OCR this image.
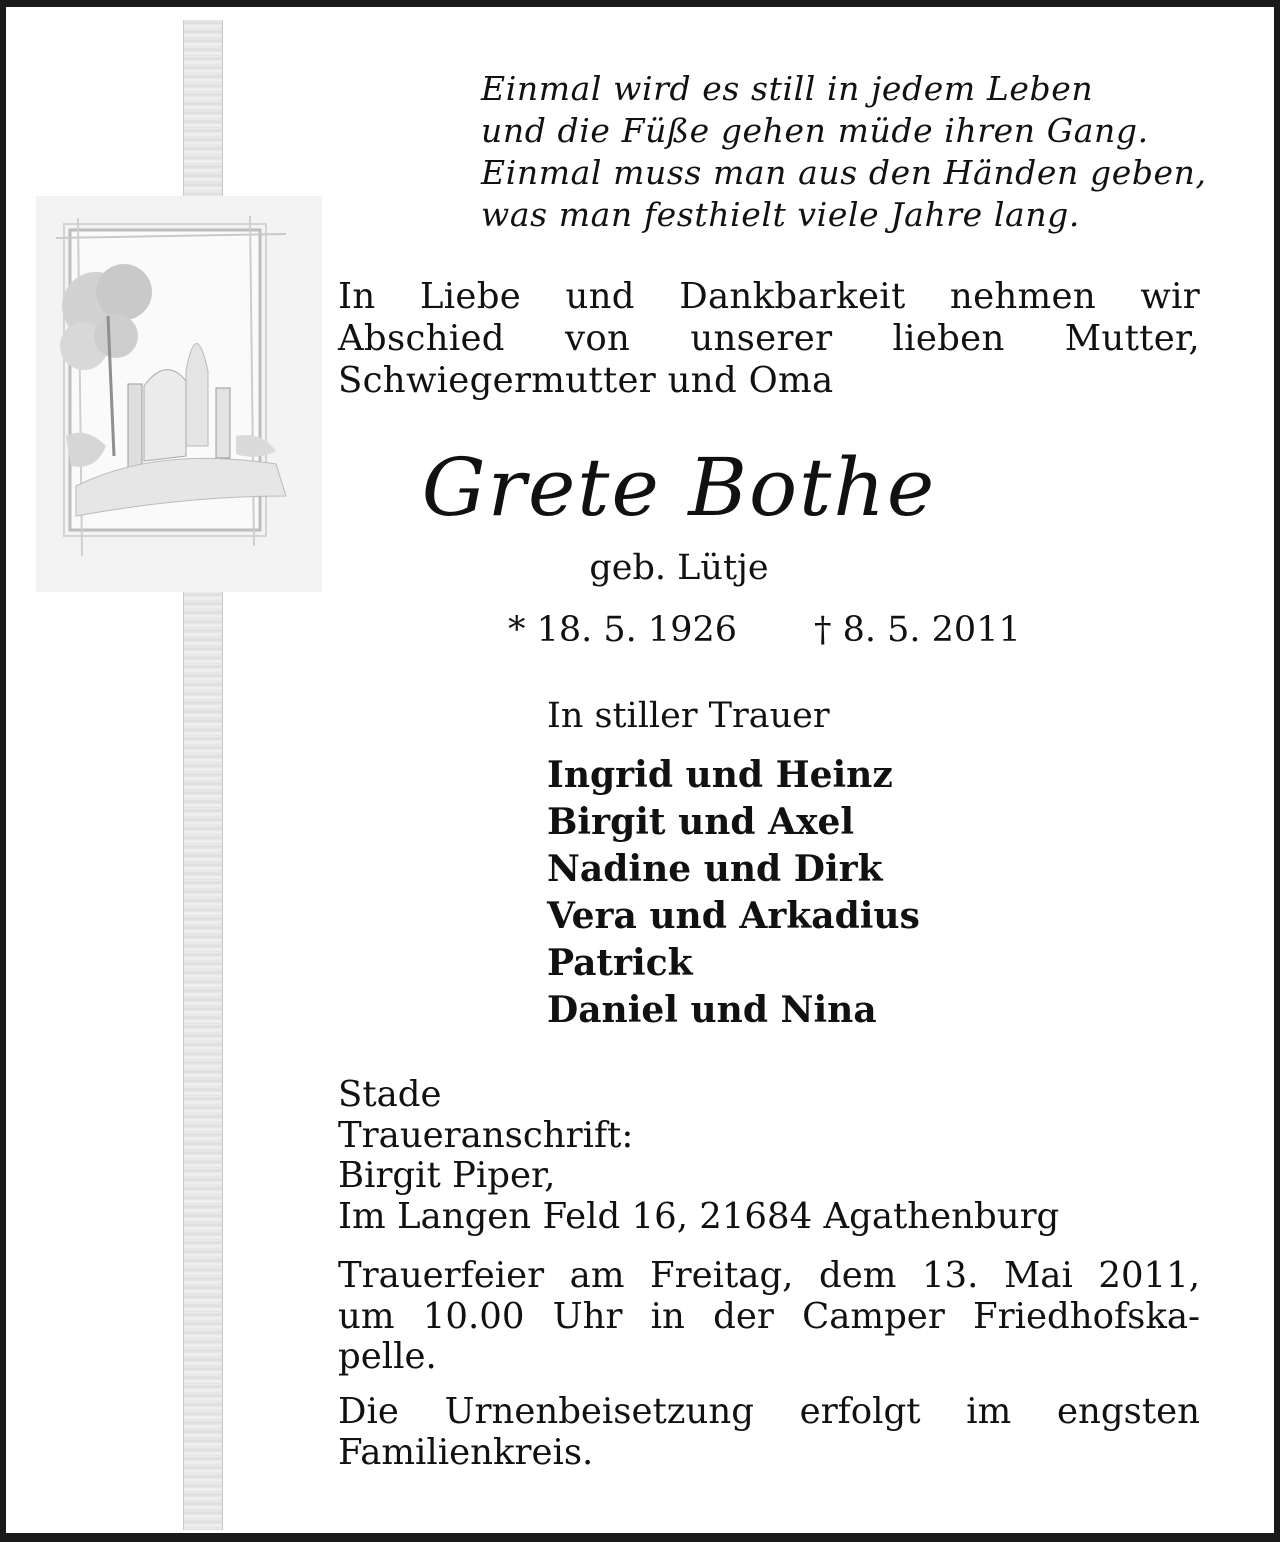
Einmal wird es still in jedem Leben
und die Füße gehen müde ihren Gang.
Einmal muss man aus den Händen geben,
was man festhielt viele Jahre lang.
In Liebe und Dankbarkeit nehmen wir Abschied von unserer lieben Mutter, Schwiegermutter und Oma
Grete Bothe
geb. Lütje
* 18. 5. 1926 † 8. 5. 2011
In stiller Trauer
Ingrid und Heinz
Birgit und Axel
Nadine und Dirk
Vera und Arkadius
Patrick
Daniel und Nina
Stade
Traueranschrift:
Birgit Piper,
Im Langen Feld 16, 21684 Agathenburg
Trauerfeier am Freitag, dem 13. Mai 2011,
um 10.00 Uhr in der Camper Friedhofska-
pelle.
Die Urnenbeisetzung erfolgt im engsten
Familienkreis.
